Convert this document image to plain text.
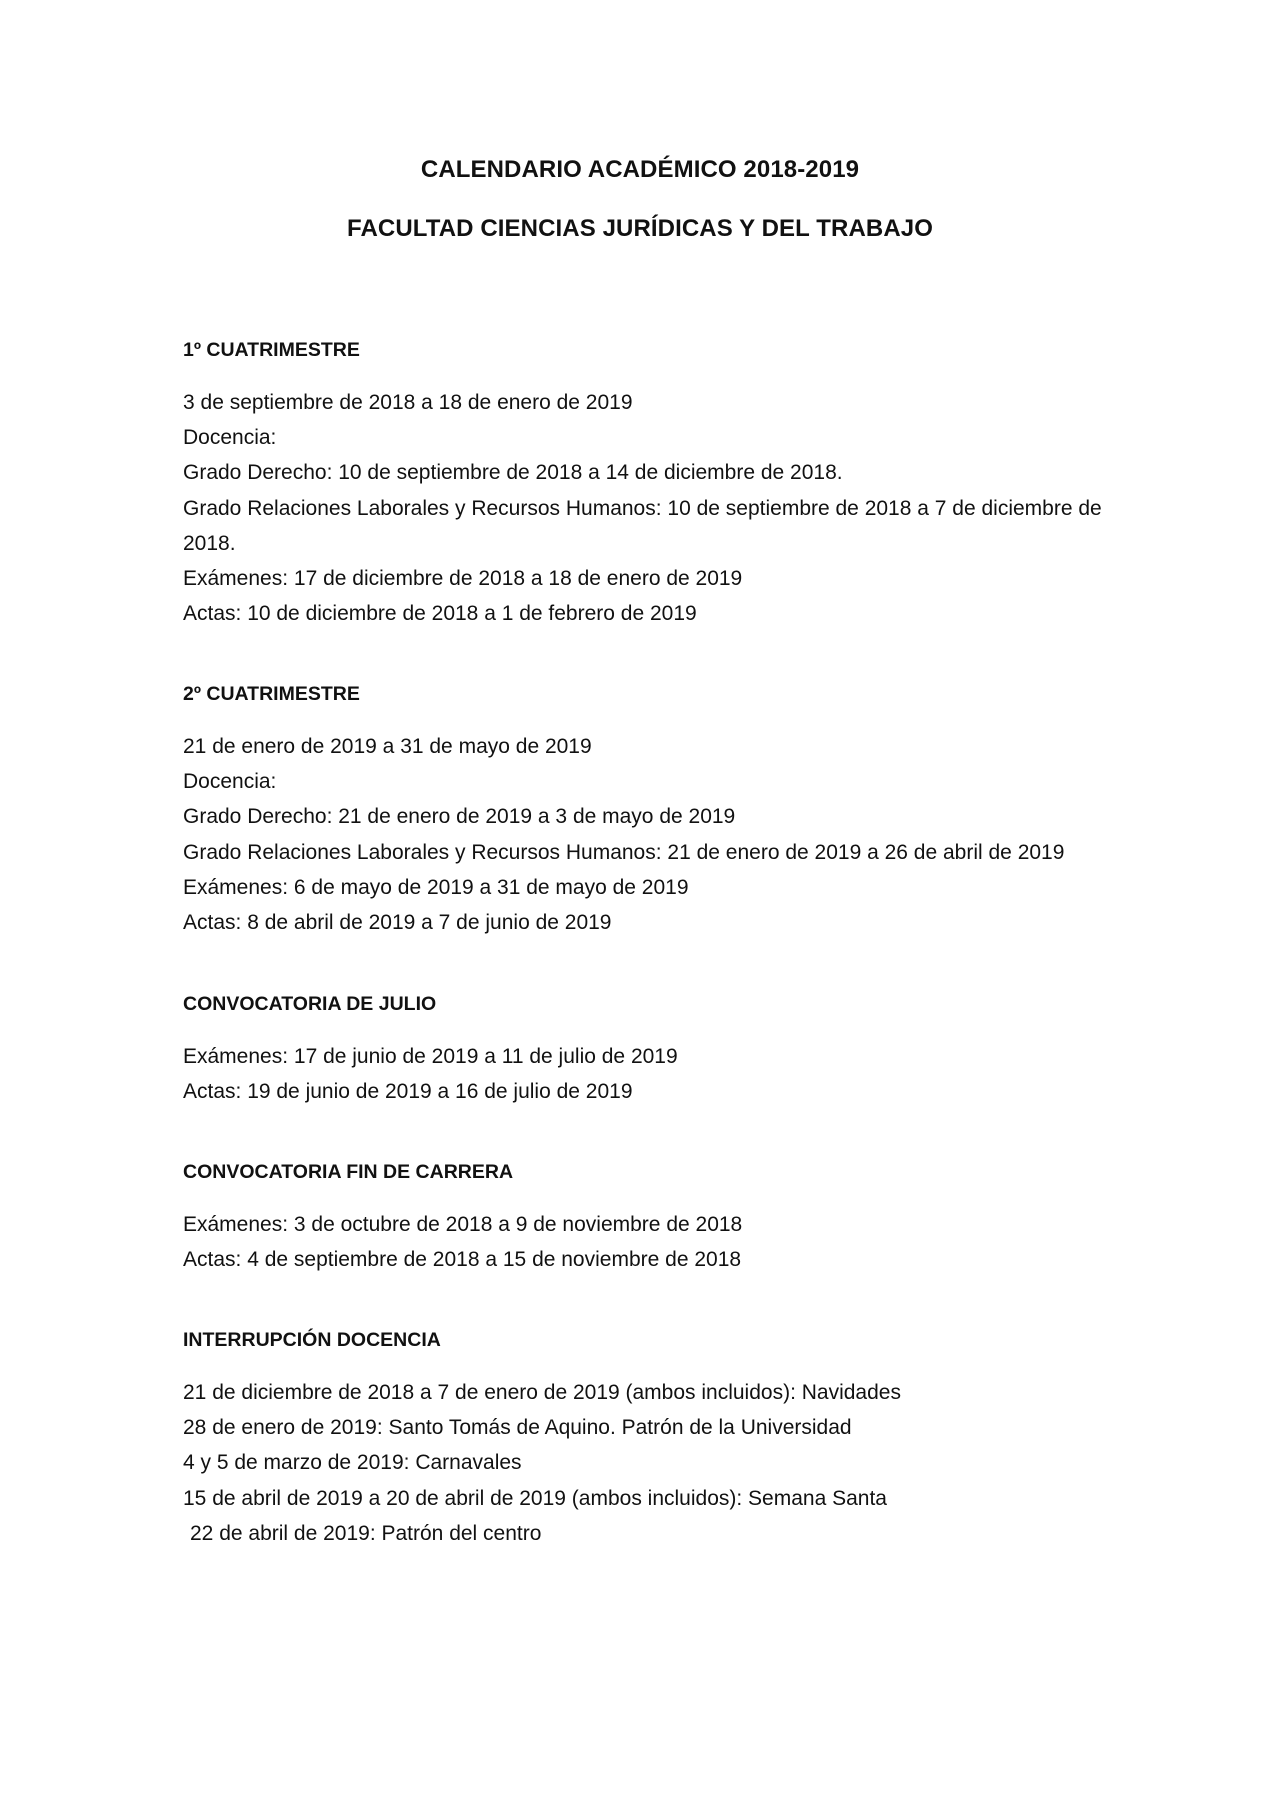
CALENDARIO ACADÉMICO 2018-2019
FACULTAD CIENCIAS JURÍDICAS Y DEL TRABAJO
1º CUATRIMESTRE

3 de septiembre de 2018 a 18 de enero de 2019

Docencia:

Grado Derecho: 10 de septiembre de 2018 a 14 de diciembre de 2018.

Grado Relaciones Laborales y Recursos Humanos: 10 de septiembre de 2018 a 7 de diciembre de 2018.

Exámenes: 17 de diciembre de 2018 a 18 de enero de 2019

Actas: 10 de diciembre de 2018 a 1 de febrero de 2019

2º CUATRIMESTRE

21 de enero de 2019 a 31 de mayo de 2019

Docencia:

Grado Derecho: 21 de enero de 2019 a 3 de mayo de 2019

Grado Relaciones Laborales y Recursos Humanos: 21 de enero de 2019 a 26 de abril de 2019

Exámenes: 6 de mayo de 2019 a 31 de mayo de 2019

Actas: 8 de abril de 2019 a 7 de junio de 2019

CONVOCATORIA DE JULIO

Exámenes: 17 de junio de 2019 a 11 de julio de 2019

Actas: 19 de junio de 2019 a 16 de julio de 2019

CONVOCATORIA FIN DE CARRERA

Exámenes: 3 de octubre de 2018 a 9 de noviembre de 2018

Actas: 4 de septiembre de 2018 a 15 de noviembre de 2018

INTERRUPCIÓN DOCENCIA

21 de diciembre de 2018 a 7 de enero de 2019 (ambos incluidos): Navidades

28 de enero de 2019: Santo Tomás de Aquino. Patrón de la Universidad

4 y 5 de marzo de 2019: Carnavales

15 de abril de 2019 a 20 de abril de 2019 (ambos incluidos): Semana Santa

22 de abril de 2019: Patrón del centro
